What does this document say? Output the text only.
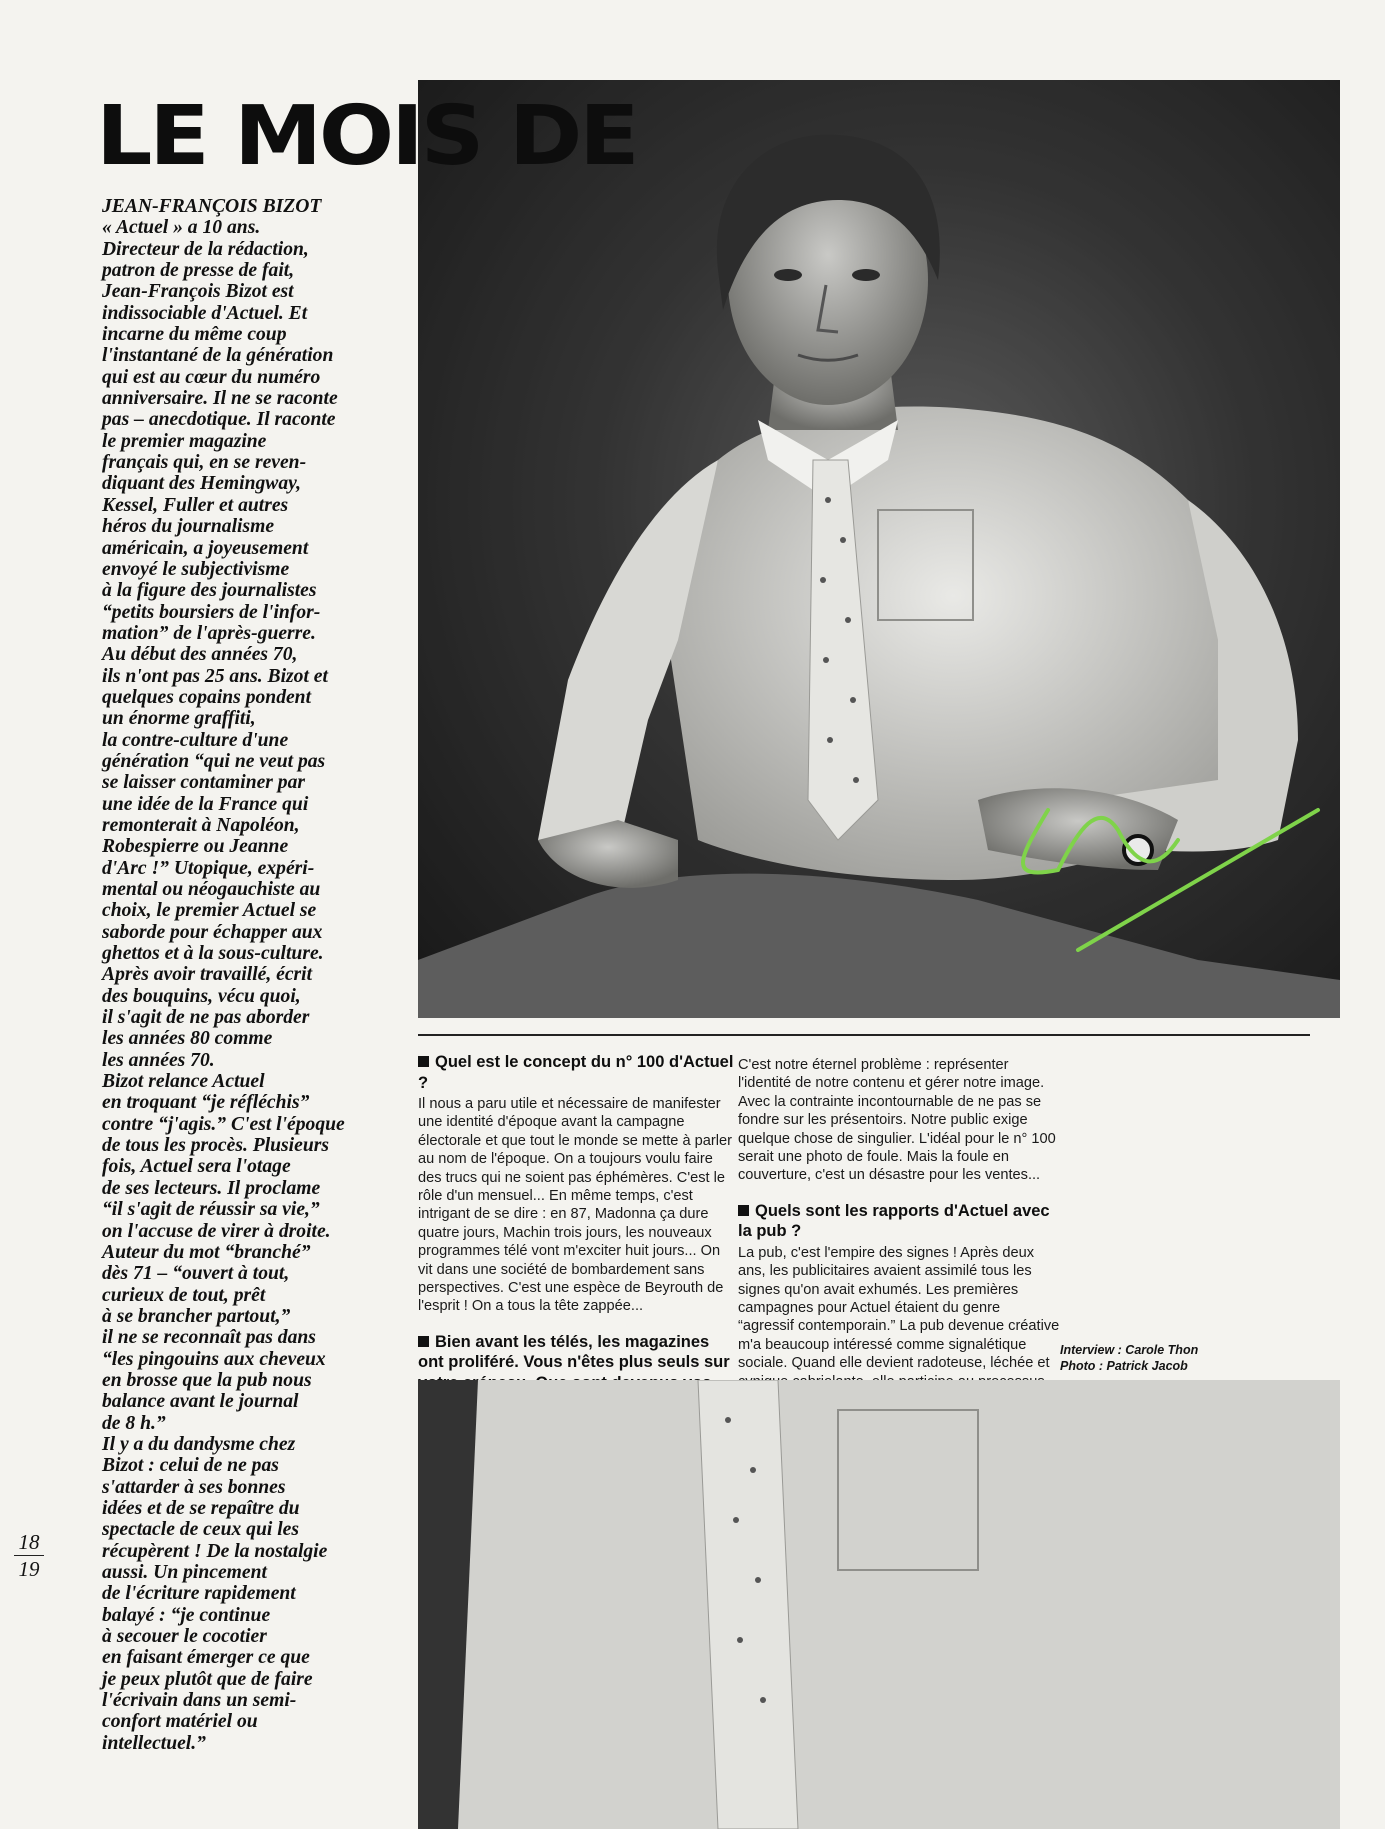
LE MOIS DE
JEAN-FRANÇOIS BIZOT
« Actuel » a 10 ans.
Directeur de la rédaction,
patron de presse de fait,
Jean-François Bizot est
indissociable d'Actuel. Et
incarne du même coup
l'instantané de la génération
qui est au cœur du numéro
anniversaire. Il ne se raconte
pas – anecdotique. Il raconte
le premier magazine
français qui, en se reven-
diquant des Hemingway,
Kessel, Fuller et autres
héros du journalisme
américain, a joyeusement
envoyé le subjectivisme
à la figure des journalistes
“petits boursiers de l'infor-
mation” de l'après-guerre.
Au début des années 70,
ils n'ont pas 25 ans. Bizot et
quelques copains pondent
un énorme graffiti,
la contre-culture d'une
génération “qui ne veut pas
se laisser contaminer par
une idée de la France qui
remonterait à Napoléon,
Robespierre ou Jeanne
d'Arc !” Utopique, expéri-
mental ou néogauchiste au
choix, le premier Actuel se
saborde pour échapper aux
ghettos et à la sous-culture.
Après avoir travaillé, écrit
des bouquins, vécu quoi,
il s'agit de ne pas aborder
les années 80 comme
les années 70.
Bizot relance Actuel
en troquant “je réfléchis”
contre “j'agis.” C'est l'époque
de tous les procès. Plusieurs
fois, Actuel sera l'otage
de ses lecteurs. Il proclame
“il s'agit de réussir sa vie,”
on l'accuse de virer à droite.
Auteur du mot “branché”
dès 71 – “ouvert à tout,
curieux de tout, prêt
à se brancher partout,”
il ne se reconnaît pas dans
“les pingouins aux cheveux
en brosse que la pub nous
balance avant le journal
de 8 h.”
Il y a du dandysme chez
Bizot : celui de ne pas
s'attarder à ses bonnes
idées et de se repaître du
spectacle de ceux qui les
récupèrent ! De la nostalgie
aussi. Un pincement
de l'écriture rapidement
balayé : “je continue
à secouer le cocotier
en faisant émerger ce que
je peux plutôt que de faire
l'écrivain dans un semi-
confort matériel ou
intellectuel.”
18
19
Quel est le concept du n° 100 d'Actuel ?

Il nous a paru utile et nécessaire de manifester une identité d'époque avant la campagne électorale et que tout le monde se mette à parler au nom de l'époque. On a toujours voulu faire des trucs qui ne soient pas éphémères. C'est le rôle d'un mensuel... En même temps, c'est intrigant de se dire : en 87, Madonna ça dure quatre jours, Machin trois jours, les nouveaux programmes télé vont m'exciter huit jours... On vit dans une société de bombardement sans perspectives. C'est une espèce de Beyrouth de l'esprit ! On a tous la tête zappée...

Bien avant les télés, les magazines ont proliféré. Vous n'êtes plus seuls sur

C'est notre éternel problème : représenter l'identité de notre contenu et gérer notre image. Avec la contrainte incontournable de ne pas se fondre sur les présentoirs. Notre public exige quelque chose de singulier. L'idéal pour le n° 100 serait une photo de foule. Mais la foule en couverture, c'est un désastre pour les ventes...

Quels sont les rapports d'Actuel avec la pub ?

La pub, c'est l'empire des signes ! Après deux ans, les publicitaires avaient assimilé tous les signes qu'on avait exhumés. Les premières campagnes pour Actuel étaient du genre “agressif contemporain.” La pub devenue créative m'a beaucoup intéressé comme signalétique sociale. Quand elle devient radoteuse, léchée et

Interview : Carole Thon
Photo : Patrick Jacob
